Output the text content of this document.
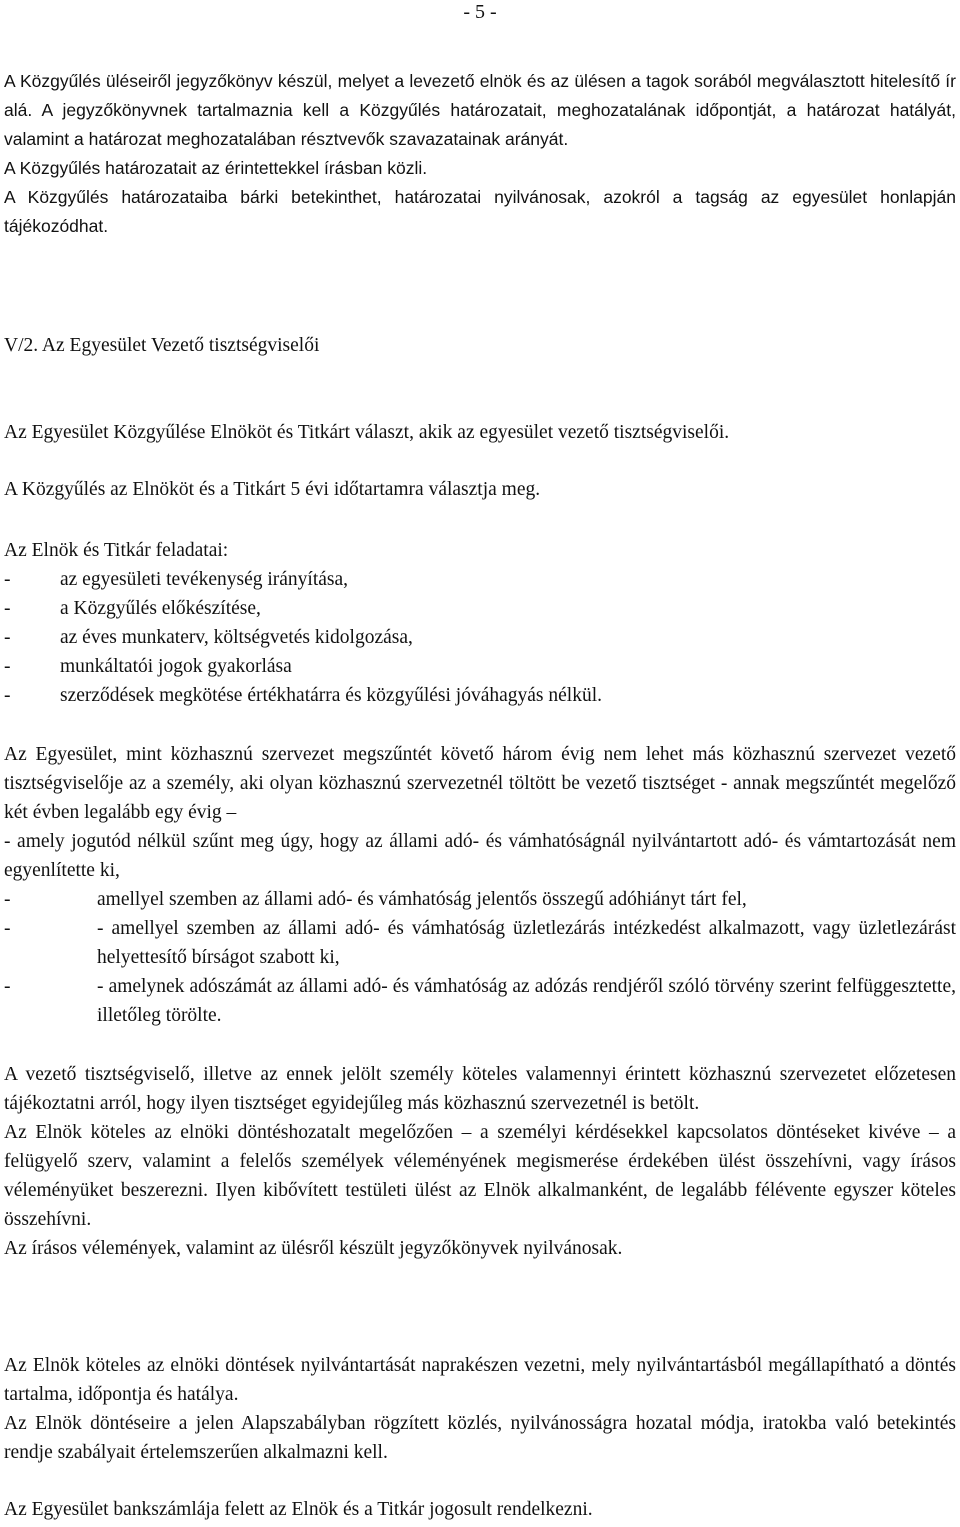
- 5 -

A Közgyűlés üléseiről jegyzőkönyv készül, melyet a levezető elnök és az ülésen a tagok sorából megválasztott hitelesítő ír alá. A jegyzőkönyvnek tartalmaznia kell a Közgyűlés határozatait, meghozatalának időpontját, a határozat hatályát, valamint a határozat meghozatalában résztvevők szavazatainak arányát.

A Közgyűlés határozatait az érintettekkel írásban közli.

A Közgyűlés határozataiba bárki betekinthet, határozatai nyilvánosak, azokról a tagság az egyesület honlapján tájékozódhat.

V/2. Az Egyesület Vezető tisztségviselői
Az Egyesület Közgyűlése Elnököt és Titkárt választ, akik az egyesület vezető tisztségviselői.
A Közgyűlés az Elnököt és a Titkárt 5 évi időtartamra választja meg.

Az Elnök és Titkár feladatai:

- az egyesületi tevékenység irányítása,
- a Közgyűlés előkészítése,
- az éves munkaterv, költségvetés kidolgozása,
- munkáltatói jogok gyakorlása
- szerződések megkötése értékhatárra és közgyűlési jóváhagyás nélkül.

Az Egyesület, mint közhasznú szervezet megszűntét követő három évig nem lehet más közhasznú szervezet vezető tisztségviselője az a személy, aki olyan közhasznú szervezetnél töltött be vezető tisztséget - annak megszűntét megelőző két évben legalább egy évig –

- amely jogutód nélkül szűnt meg úgy, hogy az állami adó- és vámhatóságnál nyilvántartott adó- és vámtartozását nem egyenlítette ki,

- amellyel szemben az állami adó- és vámhatóság jelentős összegű adóhiányt tárt fel,
- - amellyel szemben az állami adó- és vámhatóság üzletlezárás intézkedést alkalmazott, vagy üzletlezárást helyettesítő bírságot szabott ki,
- - amelynek adószámát az állami adó- és vámhatóság az adózás rendjéről szóló törvény szerint felfüggesztette, illetőleg törölte.

A vezető tisztségviselő, illetve az ennek jelölt személy köteles valamennyi érintett közhasznú szervezetet előzetesen tájékoztatni arról, hogy ilyen tisztséget egyidejűleg más közhasznú szervezetnél is betölt.

Az Elnök köteles az elnöki döntéshozatalt megelőzően – a személyi kérdésekkel kapcsolatos döntéseket kivéve – a felügyelő szerv, valamint a felelős személyek véleményének megismerése érdekében ülést összehívni, vagy írásos véleményüket beszerezni. Ilyen kibővített testületi ülést az Elnök alkalmanként, de legalább félévente egyszer köteles összehívni.

Az írásos vélemények, valamint az ülésről készült jegyzőkönyvek nyilvánosak.

Az Elnök köteles az elnöki döntések nyilvántartását naprakészen vezetni, mely nyilvántartásból megállapítható a döntés tartalma, időpontja és hatálya.

Az Elnök döntéseire a jelen Alapszabályban rögzített közlés, nyilvánosságra hozatal módja, iratokba való betekintés rendje szabályait értelemszerűen alkalmazni kell.

Az Egyesület bankszámlája felett az Elnök és a Titkár jogosult rendelkezni.
